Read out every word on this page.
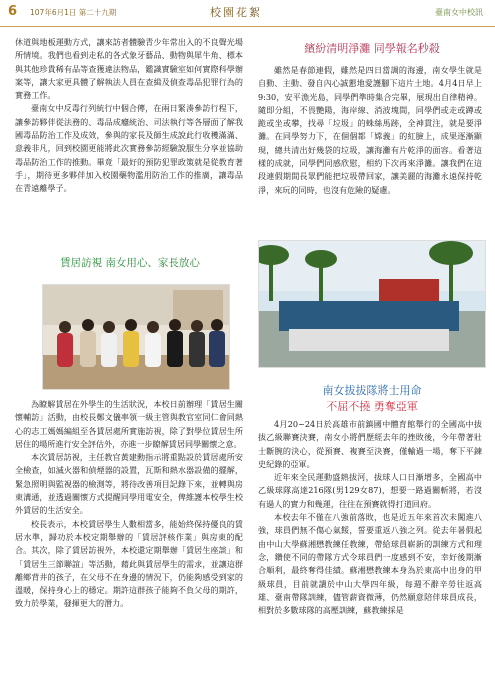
6 107年6月1日 第二十九期	校園花絮	臺南女中校訊

休道與地板運動方式，讓來訪者體驗青少年常出入的不良聲光場所情境。我們也看到走私的各式象牙藝品、動物與犀牛角、標本與其他珍貴稀有品等查獲違法物品，鑑識實驗室如何實際科學辦案等，讓大家更具體了解執法人員在查緝及偵查毒品犯罪行為的實務工作。

臺南女中反毒行列統行中個合傳，在兩日緊湊參訪行程下，讓參訪夥伴從法務的、毒品成癮統治、司法執行等各層面了解我國毒品防治工作及成效，參與的家長及師生成說此行收穫滿滿、意義非凡，回到校園更能將此次實務參訪經驗說服生分享並協助毒品防治工作的推動。畢竟「最好的預防犯罪政策就是從教育著手」，期待更多夥伴加入校園藥物濫用防治工作的推廣，讓毒品在青遠離學子。

賃居訪視 南女用心、家長放心

為瞭解賃居在外學生的生活狀況，本校日前辦理「賃居生關懷輔訪」活動，由校長鄭文儀率領一級主管與教官室同仁會同熱心的志工媽媽編組至各賃居處所實施訪視，除了對學位賃居生所居住的場所進行安全評估外，亦進一步瞭解賃居同學關懷之意。

本次賃居訪視，主任教官黃建勳指示將重點設於賃居處所安全檢查，如滅火器和偵煙器的設置，瓦斯和熱水器設備的擺解，緊急照明與監視器的檢測等，將待改善項目記錄下來，並轉與房東溝通，並透過關懷方式提醒同學用電安全，俾維護本校學生校外賃居的生活安全。

校長表示，本校賃居學生人數相當多，能始終保持優良的賃居水準，歸功於本校定期舉辦的「賃居評核作業」與房東的配合。其次，除了賃居訪視外，本校還定期舉辦「賃居生座談」和「賃居生三節聯誼」等活動，藉此與賃居學生的需求，並讓這群離鄉背井的孩子，在父母不在身邊的情況下，仍能夠感受到家的溫暖，保持身心上的穩定。期許這群孩子能夠不負父母的期許，致力於學業，發揮更大的潛力。

繽紛清明淨灘 同學報名秒殺

雖然是春節連假，雖然是四日當調的海邊，南女學生就是自動、主動、發自內心誠懇地愛護腳下這片土地。4月4日早上9:30，安平漁光島，同學們準時集合完畢，展現出自律精神。隨即分組，不畏艷陽，海岸線、消波塊間，同學們或走或蹲或跪或坐或攀，找尋「垃圾」的蛛絲馬跡，全神貫注，就是要淨灘。在同學努力下，在個個都「嫦義」的紅臉上，成果逐漸顯現，總共清出好幾袋的垃圾，讓海灘有片乾淨的面容。看著這樣的成就，同學們同感欣慰，相約下次再來淨灘。讓我們在這段連假期間長眾們能把垃圾帶回家，讓美麗的海灘永遠保持乾淨，來玩的同時，也沒有危險的疑慮。

南女拔拔隊將士用命
不屈不撓 勇奪亞軍

4月20~24日於高雄市前鎮國中體育館舉行的全國高中拔拔乙級聯賽決賽，南女小將們歷經去年的挫敗後，今年帶著壯士斷腕的決心，從預賽、複賽至決賽，僅輸過一場，奪下平鍊史紀錄的亞軍。

近年來全民運動盛熱拔河，拔球人口日漸增多，全國高中乙級球隊高達216隊(男129女87)，想要一路過關斬將，若沒有過人的實力和幾運，往往在預賽就得打道回府。

本校去年不僅在八強前落敗，也是近五年來首次未闖進八強，球員們無不傷心氣餒，誓要重返八強之列。從去年暑假起由中山大學蘇湘懋教練任教練，帶給球員嶄新的訓練方式和理念，鑽使不同的帶隊方式令球員們一度感到不安，幸好後期漸合順利，最終奪得佳績。蘇湘懋教練本身為於東高中出身的甲級球員，目前就讀於中山大學四年級，每週不辭辛勞往返高雄、臺南帶隊訓練，儘管薪資微薄，仍然願意陪伴球員成長，相對於多數球隊的高壓訓練，蘇教練採是
